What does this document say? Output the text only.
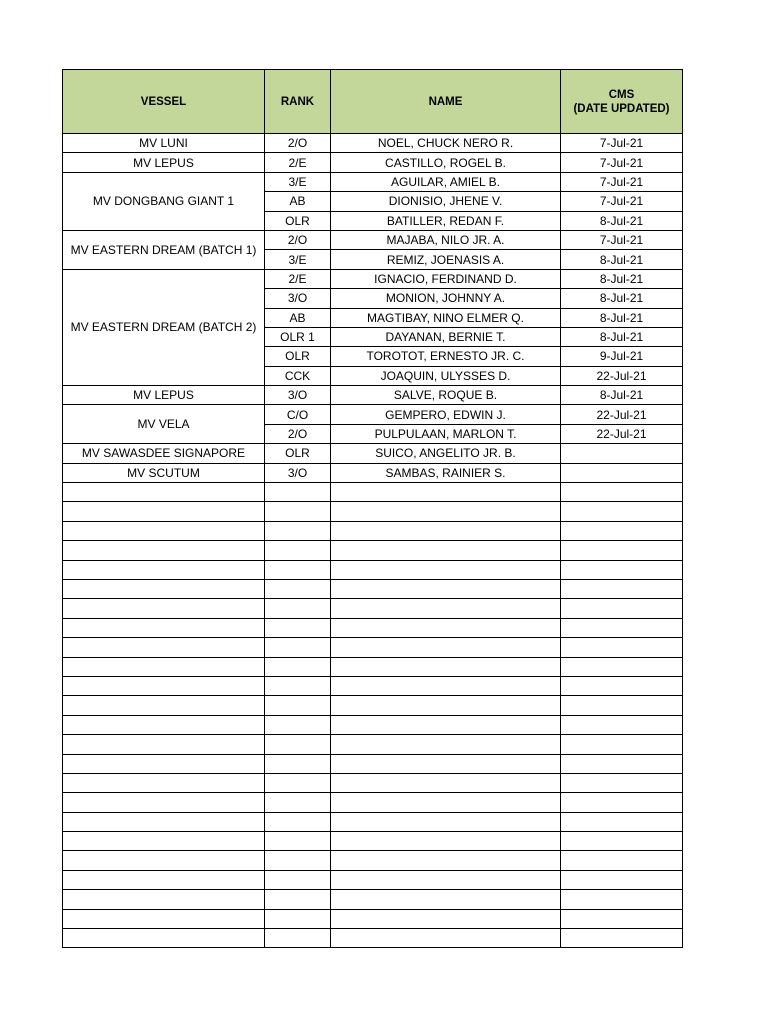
VESSEL	RANK	NAME	CMS
(DATE UPDATED)

MV LUNI	2/O	NOEL, CHUCK NERO R.	7-Jul-21
MV LEPUS	2/E	CASTILLO, ROGEL B.	7-Jul-21
MV DONGBANG GIANT 1	3/E	AGUILAR, AMIEL B.	7-Jul-21
	AB	DIONISIO, JHENE V.	7-Jul-21
	OLR	BATILLER, REDAN F.	8-Jul-21
MV EASTERN DREAM (BATCH 1)	2/O	MAJABA, NILO JR. A.	7-Jul-21
	3/E	REMIZ, JOENASIS A.	8-Jul-21
MV EASTERN DREAM (BATCH 2)	2/E	IGNACIO, FERDINAND D.	8-Jul-21
	3/O	MONION, JOHNNY A.	8-Jul-21
	AB	MAGTIBAY, NINO ELMER Q.	8-Jul-21
	OLR 1	DAYANAN, BERNIE T.	8-Jul-21
	OLR	TOROTOT, ERNESTO JR. C.	9-Jul-21
	CCK	JOAQUIN, ULYSSES D.	22-Jul-21
MV LEPUS	3/O	SALVE, ROQUE B.	8-Jul-21
MV VELA	C/O	GEMPERO, EDWIN J.	22-Jul-21
	2/O	PULPULAAN, MARLON T.	22-Jul-21
MV SAWASDEE SIGNAPORE	OLR	SUICO, ANGELITO JR. B.	
MV SCUTUM	3/O	SAMBAS, RAINIER S.	
